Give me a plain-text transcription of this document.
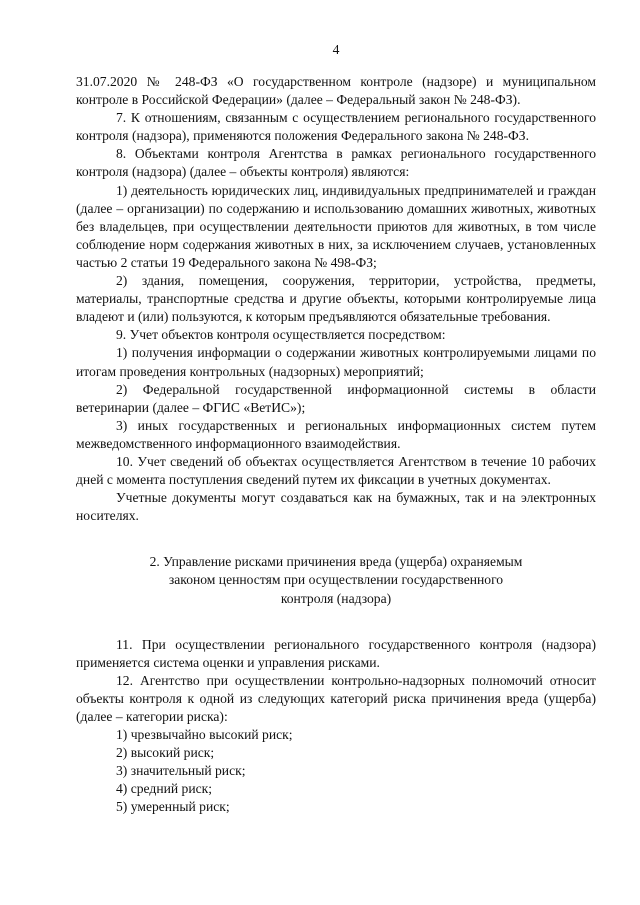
4

31.07.2020 № 248-ФЗ «О государственном контроле (надзоре) и муниципальном контроле в Российской Федерации» (далее – Федеральный закон № 248-ФЗ).

7. К отношениям, связанным с осуществлением регионального государственного контроля (надзора), применяются положения Федерального закона № 248-ФЗ.

8. Объектами контроля Агентства в рамках регионального государственного контроля (надзора) (далее – объекты контроля) являются:

1) деятельность юридических лиц, индивидуальных предпринимателей и граждан (далее – организации) по содержанию и использованию домашних животных, животных без владельцев, при осуществлении деятельности приютов для животных, в том числе соблюдение норм содержания животных в них, за исключением случаев, установленных частью 2 статьи 19 Федерального закона № 498-ФЗ;

2) здания, помещения, сооружения, территории, устройства, предметы, материалы, транспортные средства и другие объекты, которыми контролируемые лица владеют и (или) пользуются, к которым предъявляются обязательные требования.

9. Учет объектов контроля осуществляется посредством:

1) получения информации о содержании животных контролируемыми лицами по итогам проведения контрольных (надзорных) мероприятий;

2) Федеральной государственной информационной системы в области ветеринарии (далее – ФГИС «ВетИС»);

3) иных государственных и региональных информационных систем путем межведомственного информационного взаимодействия.

10. Учет сведений об объектах осуществляется Агентством в течение 10 рабочих дней с момента поступления сведений путем их фиксации в учетных документах.

Учетные документы могут создаваться как на бумажных, так и на электронных носителях.

2. Управление рисками причинения вреда (ущерба) охраняемым
законом ценностям при осуществлении государственного
контроля (надзора)

11. При осуществлении регионального государственного контроля (надзора) применяется система оценки и управления рисками.

12. Агентство при осуществлении контрольно-надзорных полномочий относит объекты контроля к одной из следующих категорий риска причинения вреда (ущерба) (далее – категории риска):

1) чрезвычайно высокий риск;

2) высокий риск;

3) значительный риск;

4) средний риск;

5) умеренный риск;
